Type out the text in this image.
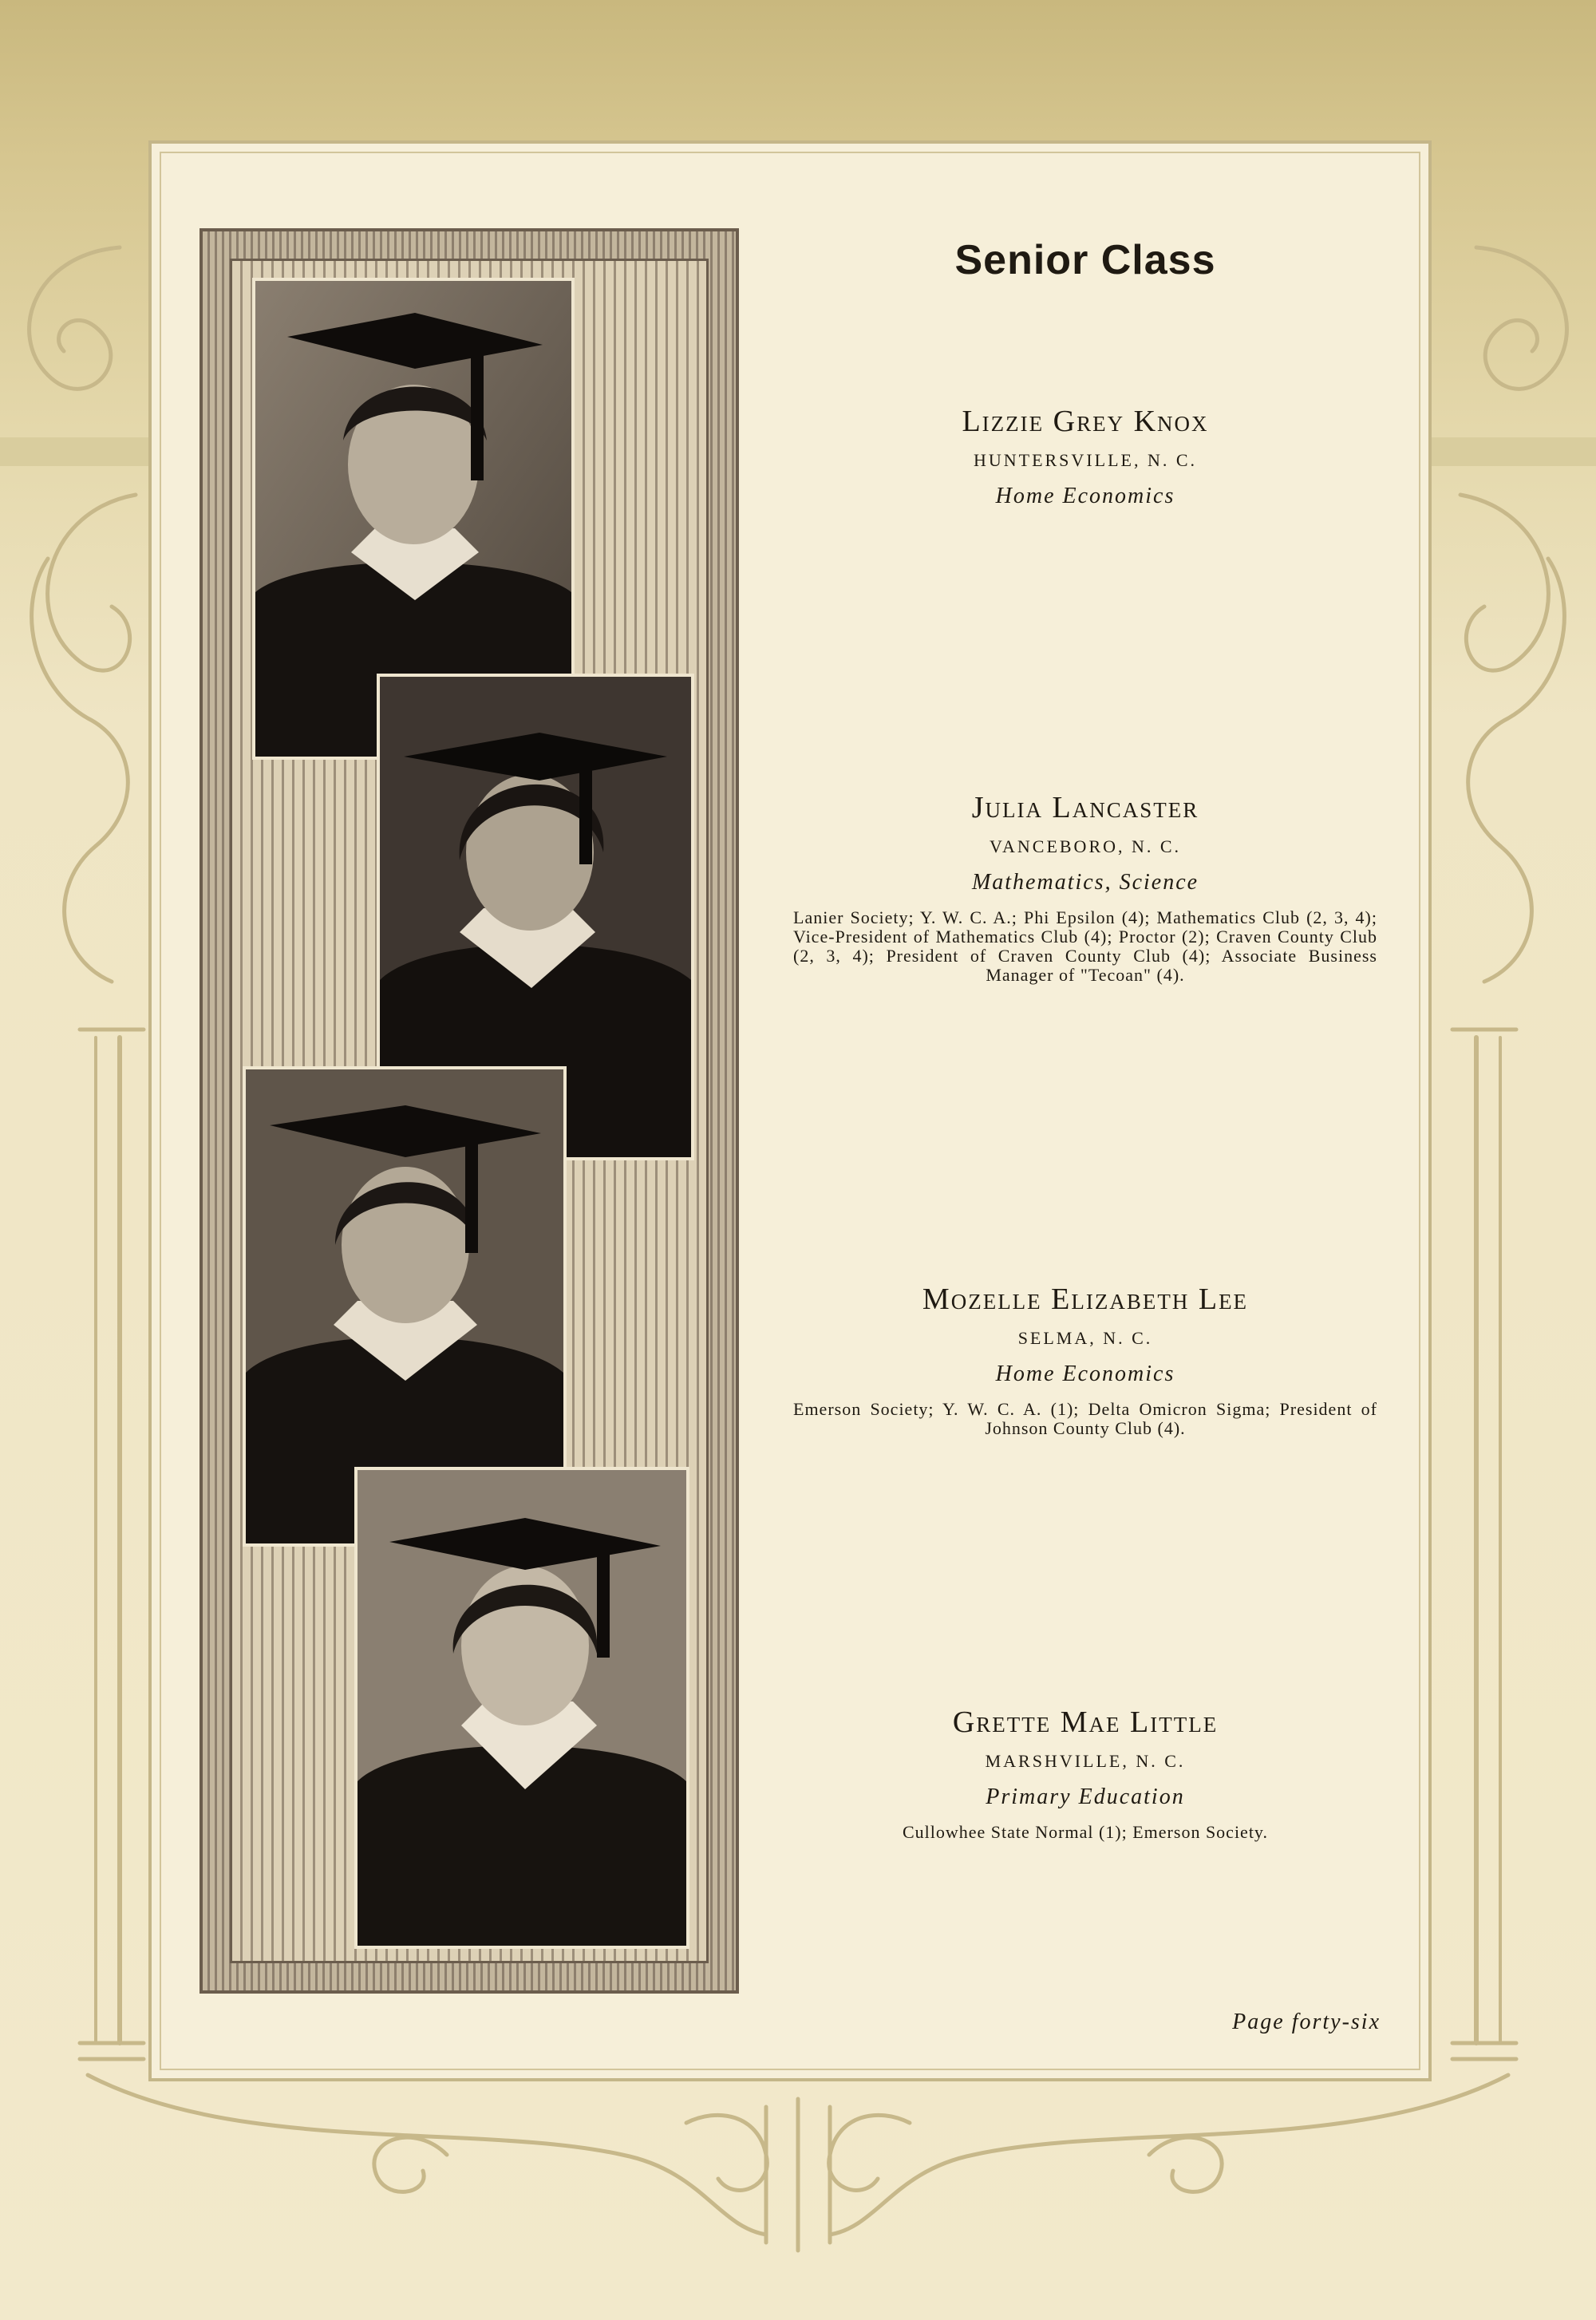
Senior Class

Lizzie Grey Knox

HUNTERSVILLE, N. C.
Home Economics

Julia Lancaster

VANCEBORO, N. C.
Mathematics, Science
Lanier Society; Y. W. C. A.; Phi Epsilon (4); Mathematics Club (2, 3, 4); Vice-President of Mathematics Club (4); Proctor (2); Craven County Club (2, 3, 4); President of Craven County Club (4); Associate Business Manager of "Tecoan" (4).

Mozelle Elizabeth Lee

SELMA, N. C.
Home Economics
Emerson Society; Y. W. C. A. (1); Delta Omicron Sigma; President of Johnson County Club (4).

Grette Mae Little

MARSHVILLE, N. C.
Primary Education
Cullowhee State Normal (1); Emerson Society.
Page forty-six
